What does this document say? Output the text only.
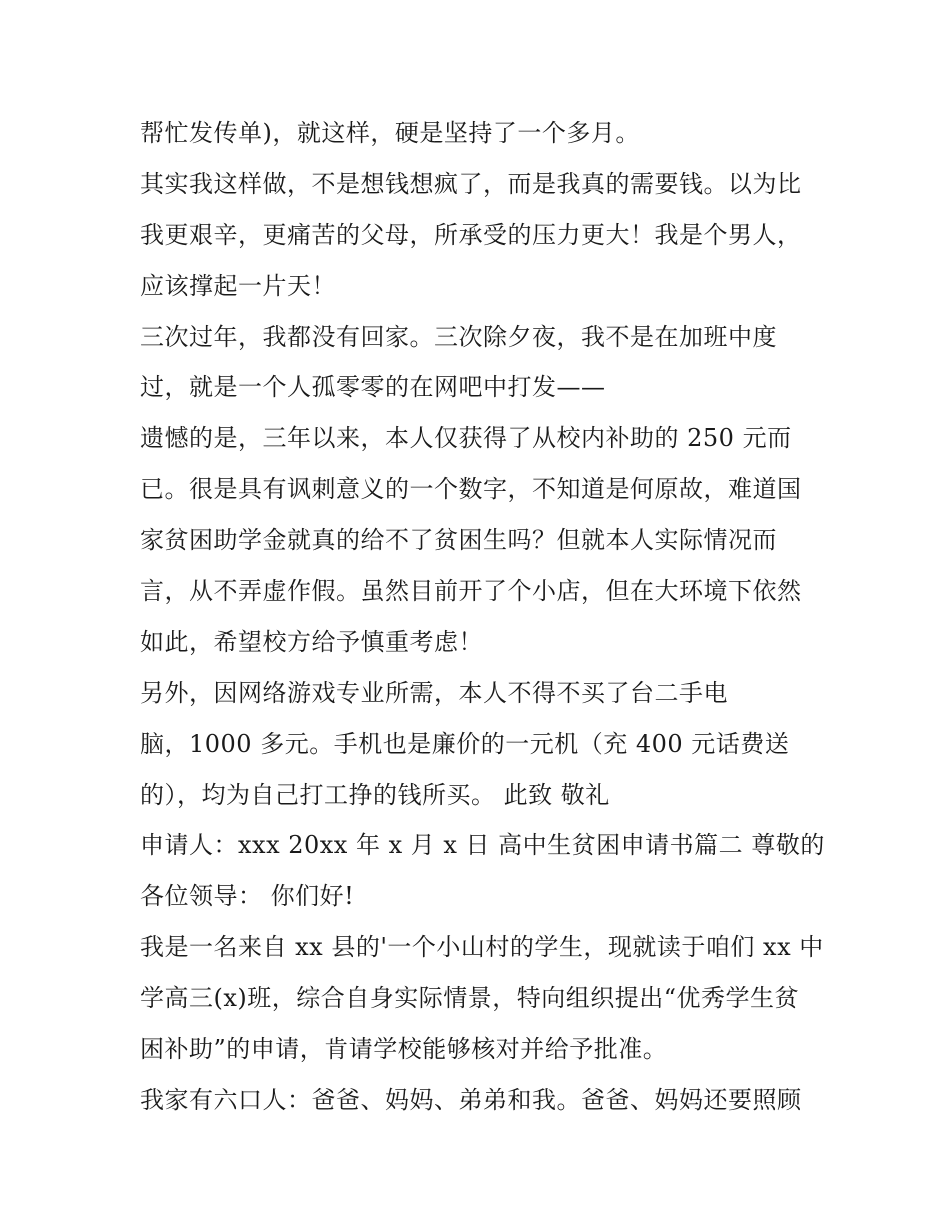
帮忙发传单)，就这样，硬是坚持了一个多月。
其实我这样做，不是想钱想疯了，而是我真的需要钱。以为比
我更艰辛，更痛苦的父母，所承受的压力更大！我是个男人，
应该撑起一片天！
三次过年，我都没有回家。三次除夕夜，我不是在加班中度
过，就是一个人孤零零的在网吧中打发——
遗憾的是，三年以来，本人仅获得了从校内补助的 250 元而
已。很是具有讽刺意义的一个数字，不知道是何原故，难道国
家贫困助学金就真的给不了贫困生吗？但就本人实际情况而
言，从不弄虚作假。虽然目前开了个小店，但在大环境下依然
如此，希望校方给予慎重考虑！
另外，因网络游戏专业所需，本人不得不买了台二手电
脑，1000 多元。手机也是廉价的一元机（充 400 元话费送
的），均为自己打工挣的钱所买。 此致 敬礼
申请人：xxx 20xx 年 x 月 x 日 高中生贫困申请书篇二 尊敬的
各位领导： 你们好!
我是一名来自 xx 县的'一个小山村的学生，现就读于咱们 xx 中
学高三(x)班，综合自身实际情景，特向组织提出“优秀学生贫
困补助”的申请，肯请学校能够核对并给予批准。
我家有六口人：爸爸、妈妈、弟弟和我。爸爸、妈妈还要照顾
